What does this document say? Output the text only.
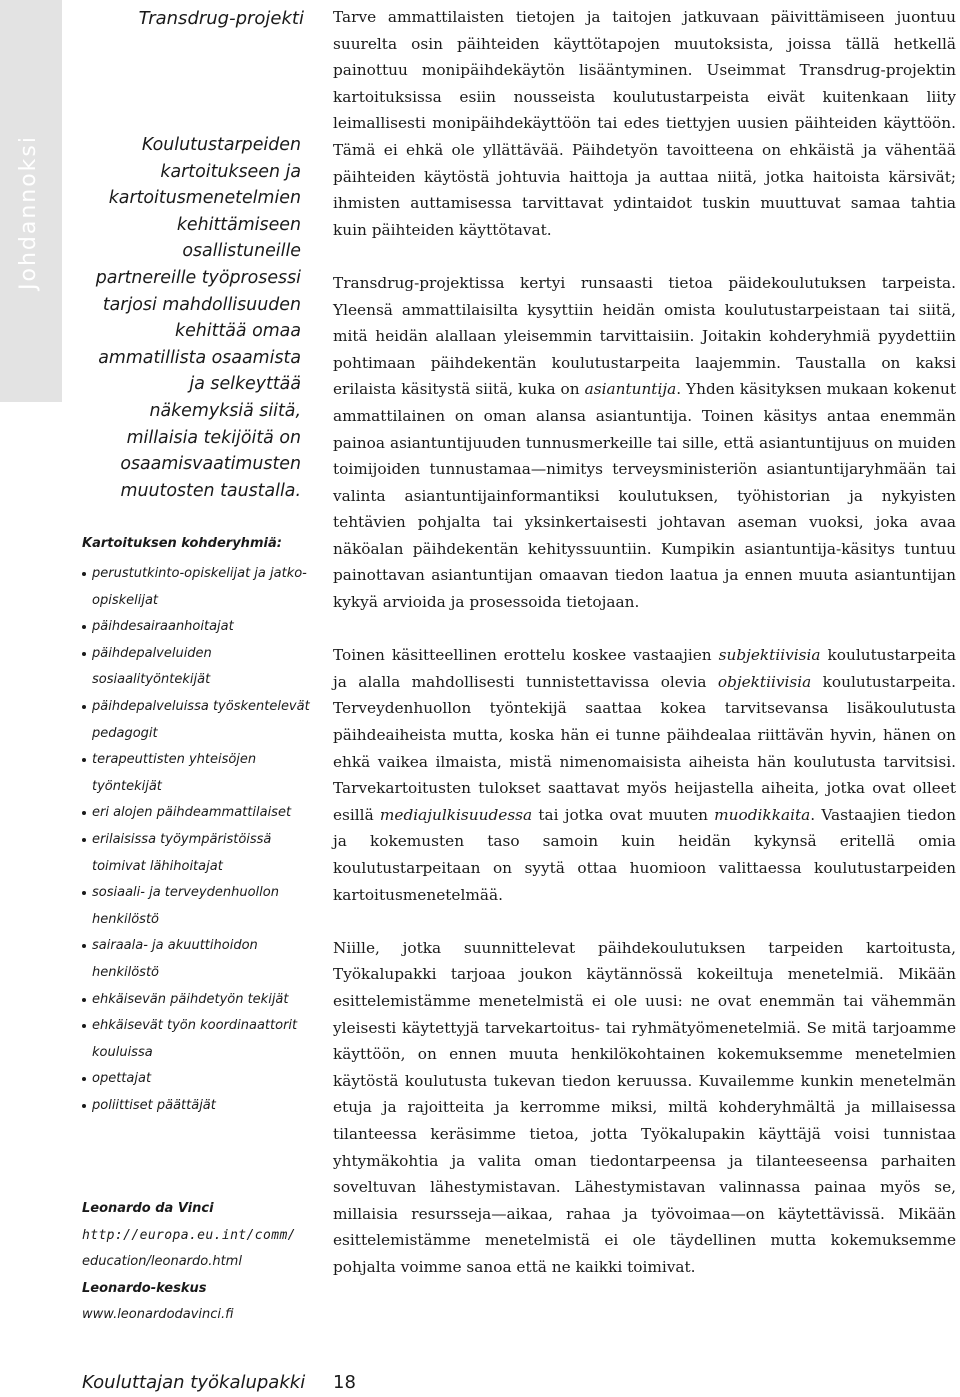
Johdannoksi
Transdrug-projekti
Koulutustarpeiden kartoitukseen ja kartoitusmenetelmien kehittämiseen osallistuneille partnereille työprosessi tarjosi mahdollisuuden kehittää omaa ammatillista osaamista ja selkeyttää näkemyksiä siitä, millaisia tekijöitä on osaamisvaatimusten muutosten taustalla.
Kartoituksen kohderyhmiä:
perustutkinto-opiskelijat ja jatko-opiskelijat
päihdesairaanhoitajat
päihdepalveluiden sosiaalityöntekijät
päihdepalveluissa työskentelevät pedagogit
terapeuttisten yhteisöjen työntekijät
eri alojen päihdeammattilaiset
erilaisissa työympäristöissä toimivat lähihoitajat
sosiaali- ja terveydenhuollon henkilöstö
sairaala- ja akuuttihoidon henkilöstö
ehkäisevän päihdetyön tekijät
ehkäisevät työn koordinaattorit kouluissa
opettajat
poliittiset päättäjät
Leonardo da Vinci
http://europa.eu.int/comm/
education/leonardo.html
Leonardo-keskus
www.leonardodavinci.fi
Kouluttajan työkalupakki 18

Tarve ammattilaisten tietojen ja taitojen jatkuvaan päivittämiseen juontuu suurelta osin päihteiden käyttötapojen muutoksista, joissa tällä hetkellä painottuu monipäihdekäytön lisääntyminen. Useimmat Transdrug-projektin kartoituksissa esiin nousseista koulutustarpeista eivät kuitenkaan liity leimallisesti monipäihdekäyttöön tai edes tiettyjen uusien päihteiden käyttöön. Tämä ei ehkä ole yllättävää. Päihdetyön tavoitteena on ehkäistä ja vähentää päihteiden käytöstä johtuvia haittoja ja auttaa niitä, jotka haitoista kärsivät; ihmisten auttamisessa tarvittavat ydintaidot tuskin muuttuvat samaa tahtia kuin päihteiden käyttötavat.

Transdrug-projektissa kertyi runsaasti tietoa päidekoulutuksen tarpeista. Yleensä ammattilaisilta kysyttiin heidän omista koulutustarpeistaan tai siitä, mitä heidän alallaan yleisemmin tarvittaisiin. Joitakin kohderyhmiä pyydettiin pohtimaan päihdekentän koulutustarpeita laajemmin. Taustalla on kaksi erilaista käsitystä siitä, kuka on asiantuntija. Yhden käsityksen mukaan kokenut ammattilainen on oman alansa asiantuntija. Toinen käsitys antaa enemmän painoa asiantuntijuuden tunnusmerkeille tai sille, että asiantuntijuus on muiden toimijoiden tunnustamaa—nimitys terveysministeriön asiantuntijaryhmään tai valinta asiantuntijainformantiksi koulutuksen, työhistorian ja nykyisten tehtävien pohjalta tai yksinkertaisesti johtavan aseman vuoksi, joka avaa näköalan päihdekentän kehityssuuntiin. Kumpikin asiantuntija-käsitys tuntuu painottavan asiantuntijan omaavan tiedon laatua ja ennen muuta asiantuntijan kykyä arvioida ja prosessoida tietojaan.

Toinen käsitteellinen erottelu koskee vastaajien subjektiivisia koulutustarpeita ja alalla mahdollisesti tunnistettavissa olevia objektiivisia koulutustarpeita. Terveydenhuollon työntekijä saattaa kokea tarvitsevansa lisäkoulutusta päihdeaiheista mutta, koska hän ei tunne päihdealaa riittävän hyvin, hänen on ehkä vaikea ilmaista, mistä nimenomaisista aiheista hän koulutusta tarvitsisi. Tarvekartoitusten tulokset saattavat myös heijastella aiheita, jotka ovat olleet esillä mediajulkisuudessa tai jotka ovat muuten muodikkaita. Vastaajien tiedon ja kokemusten taso samoin kuin heidän kykynsä eritellä omia koulutustarpeitaan on syytä ottaa huomioon valittaessa koulutustarpeiden kartoitusmenetelmää.

Niille, jotka suunnittelevat päihdekoulutuksen tarpeiden kartoitusta, Työkalupakki tarjoaa joukon käytännössä kokeiltuja menetelmiä. Mikään esittelemistämme menetelmistä ei ole uusi: ne ovat enemmän tai vähemmän yleisesti käytettyjä tarvekartoitus- tai ryhmätyömenetelmiä. Se mitä tarjoamme käyttöön, on ennen muuta henkilökohtainen kokemuksemme menetelmien käytöstä koulutusta tukevan tiedon keruussa. Kuvailemme kunkin menetelmän etuja ja rajoitteita ja kerromme miksi, miltä kohderyhmältä ja millaisessa tilanteessa keräsimme tietoa, jotta Työkalupakin käyttäjä voisi tunnistaa yhtymäkohtia ja valita oman tiedontarpeensa ja tilanteeseensa parhaiten soveltuvan lähestymistavan. Lähestymistavan valinnassa painaa myös se, millaisia resursseja—aikaa, rahaa ja työvoimaa—on käytettävissä. Mikään esittelemistämme menetelmistä ei ole täydellinen mutta kokemuksemme pohjalta voimme sanoa että ne kaikki toimivat.
